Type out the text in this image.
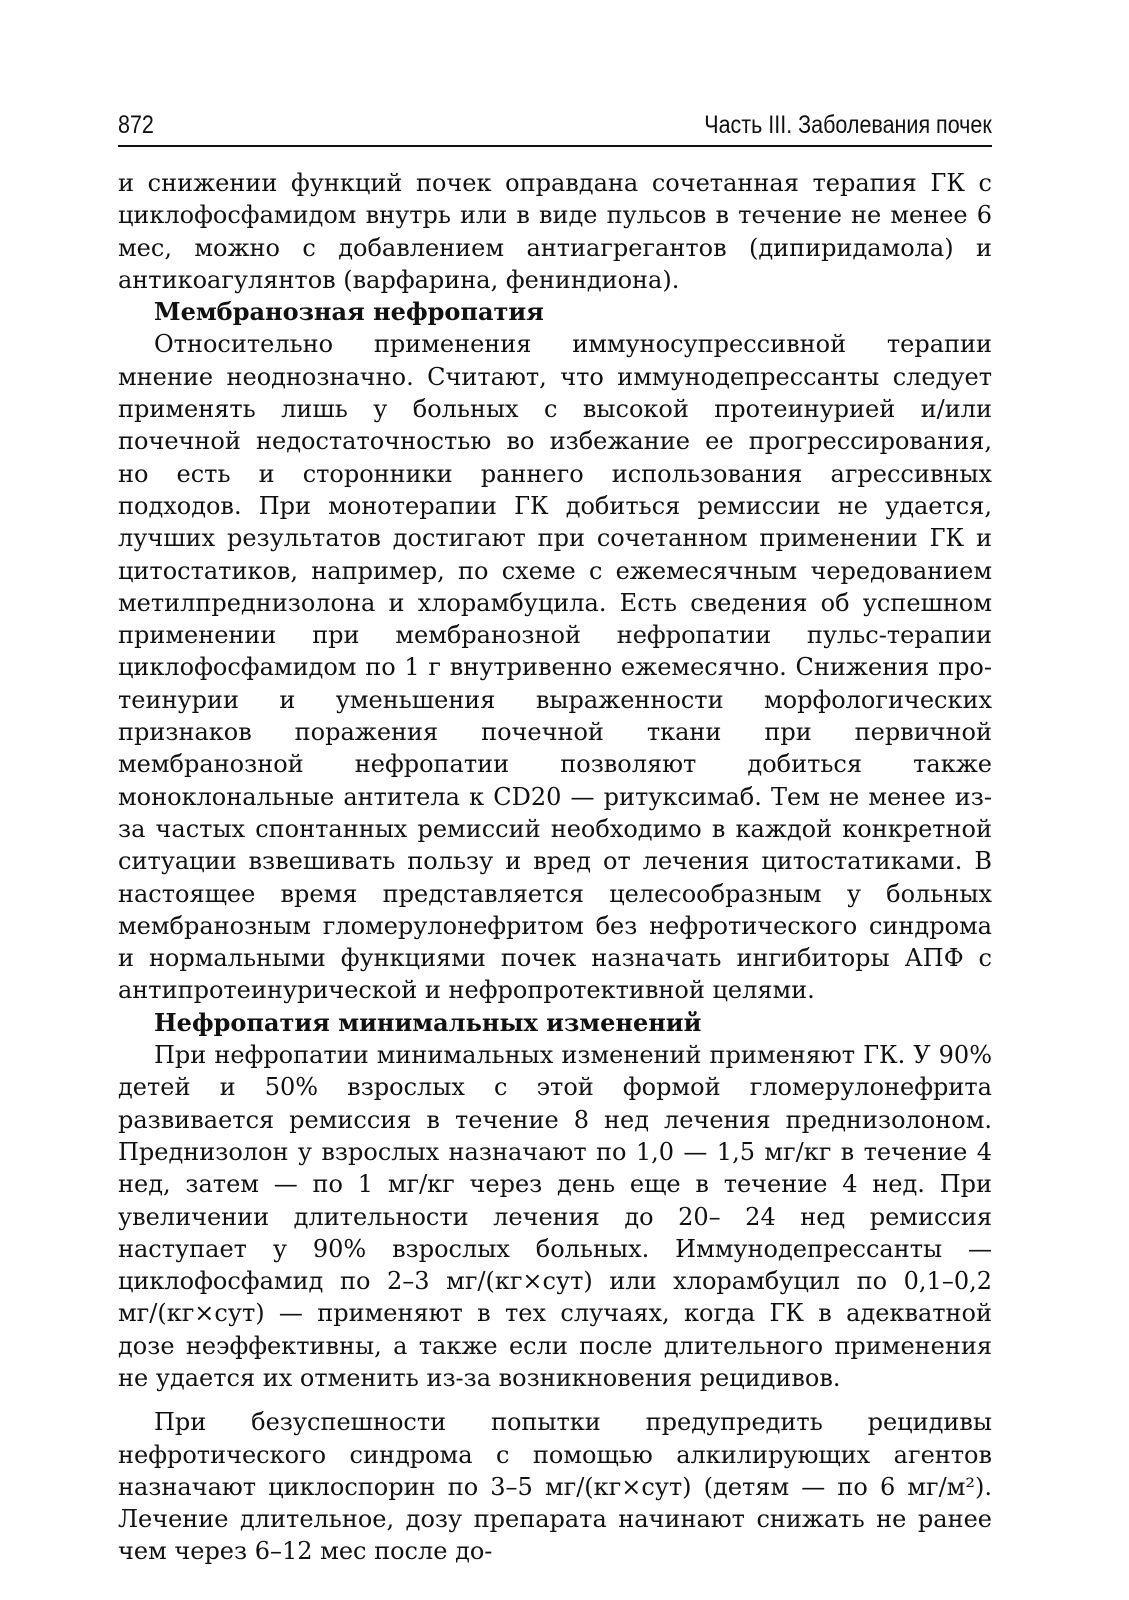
872	Часть III. Заболевания почек

и снижении функций почек оправдана сочетанная терапия ГК с циклофосфамидом внутрь или в виде пульсов в течение не менее 6 мес, можно с добавлением антиагрегантов (дипиридамола) и антикоагулянтов (варфарина, фениндиона).

Мембранозная нефропатия

Относительно применения иммуносупрессивной терапии мнение неоднозначно. Считают, что иммунодепрессанты следует применять лишь у больных с высокой протеинурией и/или почечной недостаточностью во избежание ее прогрессирования, но есть и сторонники раннего использования агрессивных подходов. При монотерапии ГК добиться ремиссии не удается, лучших результатов достигают при сочетанном применении ГК и цитостатиков, например, по схеме с ежемесячным чередованием метилпреднизолона и хлорамбуцила. Есть сведения об успешном применении при мембранозной нефропатии пульс-терапии циклофосфамидом по 1 г внутривенно ежемесячно. Снижения протеинурии и уменьшения выраженности морфологических признаков поражения почечной ткани при первичной мембранозной нефропатии позволяют добиться также моноклональные антитела к CD20 — ритуксимаб. Тем не менее из-за частых спонтанных ремиссий необходимо в каждой конкретной ситуации взвешивать пользу и вред от лечения цитостатиками. В настоящее время представляется целесообразным у больных мембранозным гломерулонефритом без нефротического синдрома и нормальными функциями почек назначать ингибиторы АПФ с антипротеинурической и нефропротективной целями.

Нефропатия минимальных изменений

При нефропатии минимальных изменений применяют ГК. У 90% детей и 50% взрослых с этой формой гломерулонефрита развивается ремиссия в течение 8 нед лечения преднизолоном. Преднизолон у взрослых назначают по 1,0 — 1,5 мг/кг в течение 4 нед, затем — по 1 мг/кг через день еще в течение 4 нед. При увеличении длительности лечения до 20– 24 нед ремиссия наступает у 90% взрослых больных. Иммунодепрессанты — циклофосфамид по 2–3 мг/(кг×сут) или хлорамбуцил по 0,1–0,2 мг/(кг×сут) — применяют в тех случаях, когда ГК в адекватной дозе неэффективны, а также если после длительного применения не удается их отменить из-за возникновения рецидивов.

При безуспешности попытки предупредить рецидивы нефротического синдрома с помощью алкилирующих агентов назначают циклоспорин по 3–5 мг/(кг×сут) (детям — по 6 мг/м²). Лечение длительное, дозу препарата начинают снижать не ранее чем через 6–12 мес после до-
